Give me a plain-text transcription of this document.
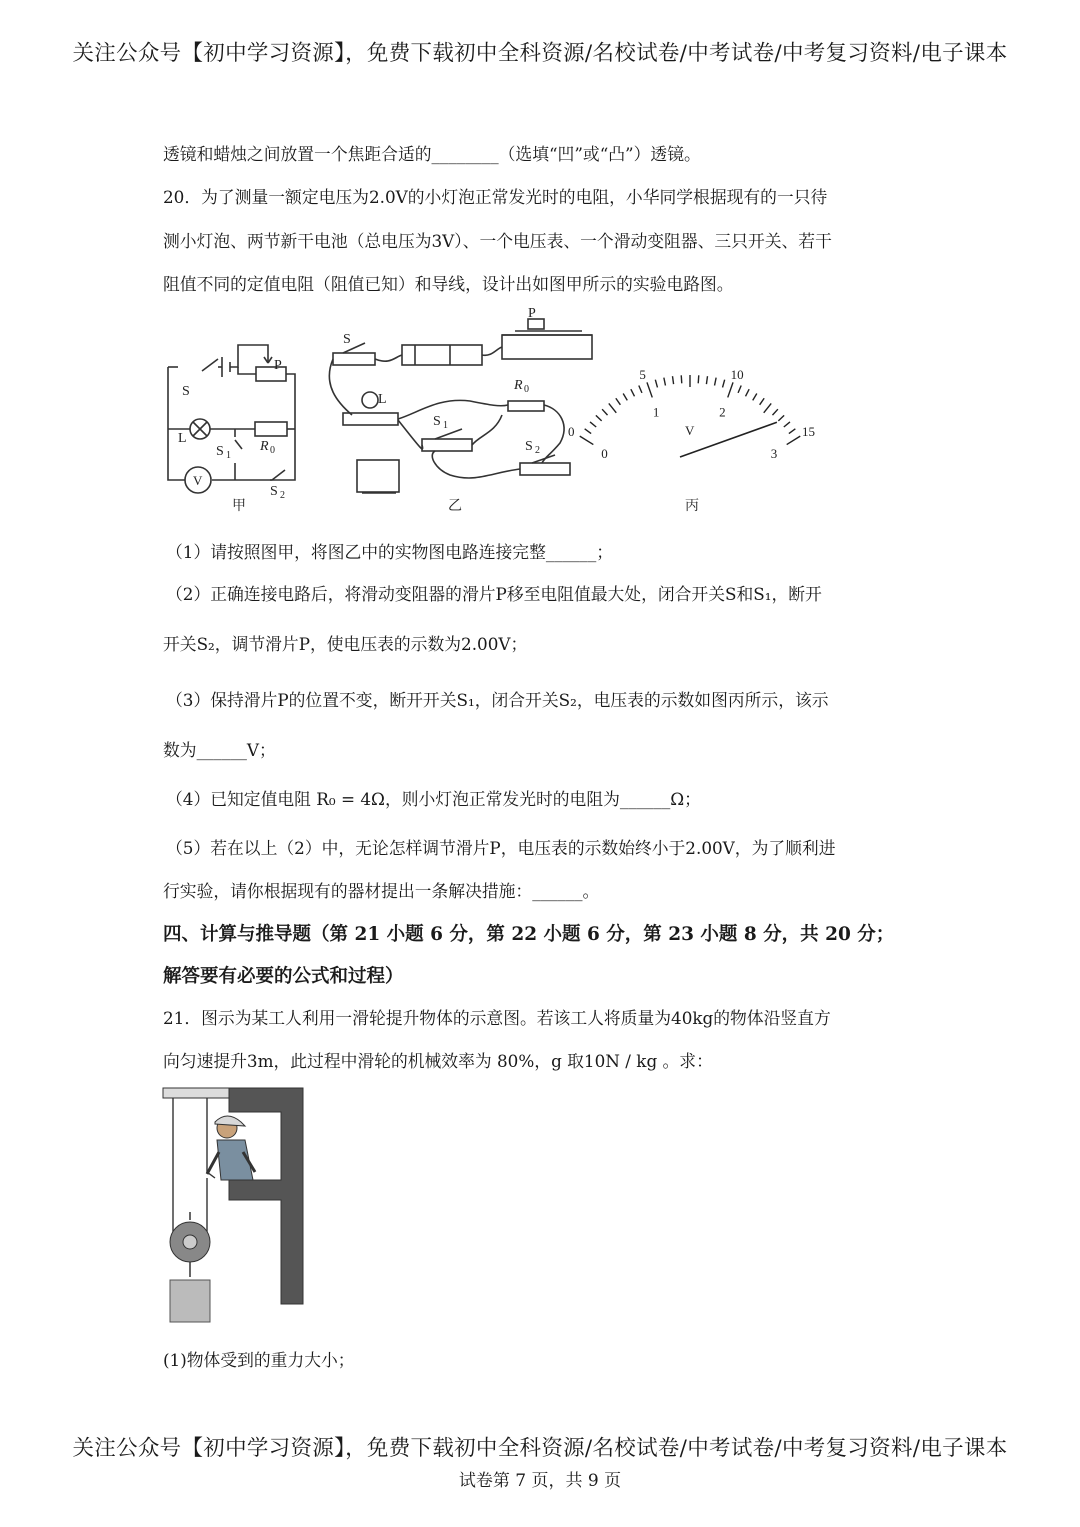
关注公众号【初中学习资源】，免费下载初中全科资源/名校试卷/中考试卷/中考复习资料/电子课本
透镜和蜡烛之间放置一个焦距合适的________（选填“凹”或“凸”）透镜。
20．为了测量一额定电压为2.0V的小灯泡正常发光时的电阻，小华同学根据现有的一只待
测小灯泡、两节新干电池（总电压为3V）、一个电压表、一个滑动变阻器、三只开关、若干
阻值不同的定值电阻（阻值已知）和导线，设计出如图甲所示的实验电路图。
0
5	10
15
0
1	2
3
V
S
P
L
R 0
S 1
S 2
V
S
P
L
R 0
S 1
S 2
甲	乙	丙
（1）请按照图甲，将图乙中的实物图电路连接完整______；
（2）正确连接电路后，将滑动变阻器的滑片P移至电阻值最大处，闭合开关S和S₁，断开
开关S₂，调节滑片P，使电压表的示数为2.00V；
（3）保持滑片P的位置不变，断开开关S₁，闭合开关S₂，电压表的示数如图丙所示，该示
数为______V；
（4）已知定值电阻 R₀ = 4Ω，则小灯泡正常发光时的电阻为______Ω；
（5）若在以上（2）中，无论怎样调节滑片P，电压表的示数始终小于2.00V，为了顺利进
行实验，请你根据现有的器材提出一条解决措施：______。
四、计算与推导题（第 21 小题 6 分，第 22 小题 6 分，第 23 小题 8 分，共 20 分；
解答要有必要的公式和过程）
21．图示为某工人利用一滑轮提升物体的示意图。若该工人将质量为40kg的物体沿竖直方
向匀速提升3m，此过程中滑轮的机械效率为 80%，g 取10N / kg 。求：
(1)物体受到的重力大小；
关注公众号【初中学习资源】，免费下载初中全科资源/名校试卷/中考试卷/中考复习资料/电子课本
试卷第 7 页，共 9 页
